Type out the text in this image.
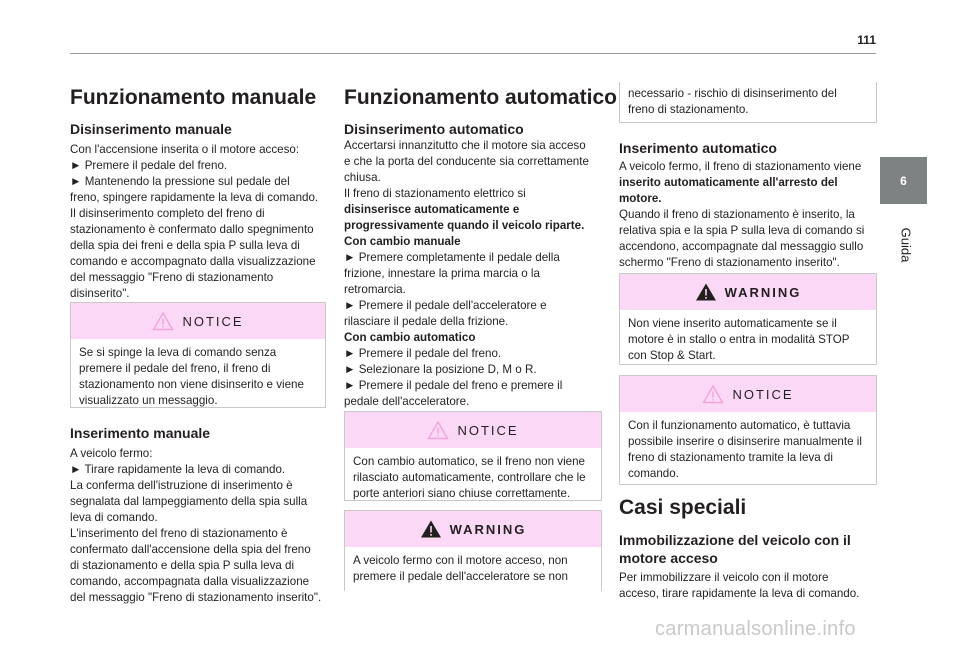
111
6
Guida
Funzionamento manuale
Disinserimento manuale
Con l'accensione inserita o il motore acceso:
► Premere il pedale del freno.
► Mantenendo la pressione sul pedale del
freno, spingere rapidamente la leva di comando.
Il disinserimento completo del freno di
stazionamento è confermato dallo spegnimento
della spia dei freni e della spia P sulla leva di
comando e accompagnato dalla visualizzazione
del messaggio "Freno di stazionamento
disinserito".
NOTICE
Se si spinge la leva di comando senza
premere il pedale del freno, il freno di
stazionamento non viene disinserito e viene
visualizzato un messaggio.
Inserimento manuale
A veicolo fermo:
► Tirare rapidamente la leva di comando.
La conferma dell'istruzione di inserimento è
segnalata dal lampeggiamento della spia sulla
leva di comando.
L'inserimento del freno di stazionamento è
confermato dall'accensione della spia del freno
di stazionamento e della spia P sulla leva di
comando, accompagnata dalla visualizzazione
del messaggio "Freno di stazionamento inserito".
Funzionamento automatico
Disinserimento automatico
Accertarsi innanzitutto che il motore sia acceso
e che la porta del conducente sia correttamente
chiusa.
Il freno di stazionamento elettrico si
disinserisce automaticamente e
progressivamente quando il veicolo riparte.
Con cambio manuale
► Premere completamente il pedale della
frizione, innestare la prima marcia o la
retromarcia.
► Premere il pedale dell'acceleratore e
rilasciare il pedale della frizione.
Con cambio automatico
► Premere il pedale del freno.
► Selezionare la posizione D, M o R.
► Premere il pedale del freno e premere il
pedale dell'acceleratore.
NOTICE
Con cambio automatico, se il freno non viene
rilasciato automaticamente, controllare che le
porte anteriori siano chiuse correttamente.
WARNING
A veicolo fermo con il motore acceso, non
premere il pedale dell'acceleratore se non
necessario - rischio di disinserimento del
freno di stazionamento.
Inserimento automatico
A veicolo fermo, il freno di stazionamento viene
inserito automaticamente all'arresto del
motore.
Quando il freno di stazionamento è inserito, la
relativa spia e la spia P sulla leva di comando si
accendono, accompagnate dal messaggio sullo
schermo "Freno di stazionamento inserito".
WARNING
Non viene inserito automaticamente se il
motore è in stallo o entra in modalità STOP
con Stop & Start.
NOTICE
Con il funzionamento automatico, è tuttavia
possibile inserire o disinserire manualmente il
freno di stazionamento tramite la leva di
comando.
Casi speciali
Immobilizzazione del veicolo con il
motore acceso
Per immobilizzare il veicolo con il motore
acceso, tirare rapidamente la leva di comando.
carmanualsonline.info
